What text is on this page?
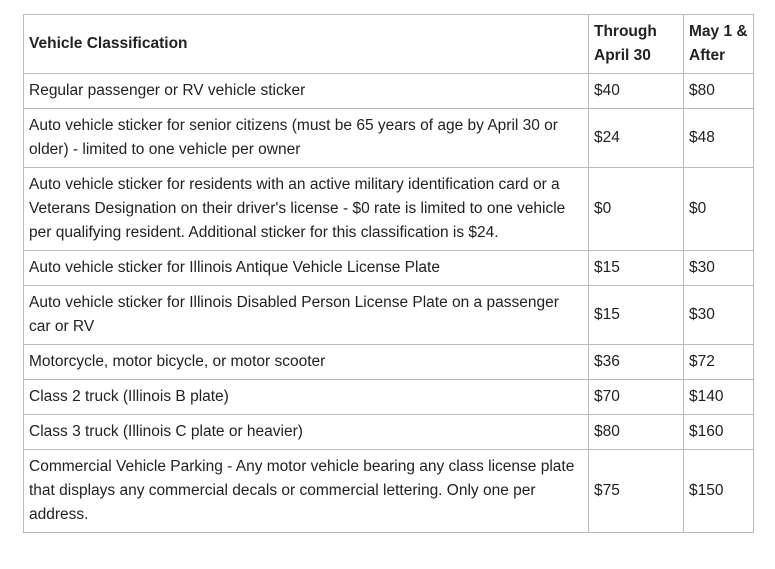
Vehicle Classification	Through April 30	May 1 & After
Regular passenger or RV vehicle sticker	$40	$80
Auto vehicle sticker for senior citizens (must be 65 years of age by April 30 or older) - limited to one vehicle per owner	$24	$48
Auto vehicle sticker for residents with an active military identification card or a Veterans Designation on their driver's license - $0 rate is limited to one vehicle per qualifying resident. Additional sticker for this classification is $24.	$0	$0
Auto vehicle sticker for Illinois Antique Vehicle License Plate	$15	$30
Auto vehicle sticker for Illinois Disabled Person License Plate on a passenger car or RV	$15	$30
Motorcycle, motor bicycle, or motor scooter	$36	$72
Class 2 truck (Illinois B plate)	$70	$140
Class 3 truck (Illinois C plate or heavier)	$80	$160
Commercial Vehicle Parking - Any motor vehicle bearing any class license plate that displays any commercial decals or commercial lettering. Only one per address.	$75	$150
